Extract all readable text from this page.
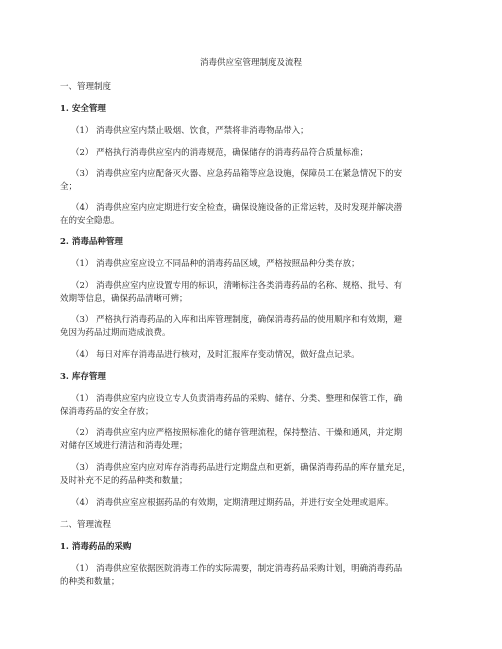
消毒供应室管理制度及流程
一、管理制度
1. 安全管理
（1） 消毒供应室内禁止吸烟、饮食，严禁将非消毒物品带入；
（2） 严格执行消毒供应室内的消毒规范，确保储存的消毒药品符合质量标准；
（3） 消毒供应室内应配备灭火器、应急药品箱等应急设施，保障员工在紧急情况下的安
全；
（4） 消毒供应室内应定期进行安全检查，确保设施设备的正常运转，及时发现并解决潜
在的安全隐患。
2. 消毒品种管理
（1） 消毒供应室应设立不同品种的消毒药品区域，严格按照品种分类存放；
（2） 消毒供应室内应设置专用的标识，清晰标注各类消毒药品的名称、规格、批号、有
效期等信息，确保药品清晰可辨；
（3） 严格执行消毒药品的入库和出库管理制度，确保消毒药品的使用顺序和有效期，避
免因为药品过期而造成浪费。
（4） 每日对库存消毒品进行核对，及时汇报库存变动情况，做好盘点记录。
3. 库存管理
（1） 消毒供应室内应设立专人负责消毒药品的采购、储存、分类、整理和保管工作，确
保消毒药品的安全存放；
（2） 消毒供应室内应严格按照标准化的储存管理流程，保持整洁、干燥和通风，并定期
对储存区域进行清洁和消毒处理；
（3） 消毒供应室内应对库存消毒药品进行定期盘点和更新，确保消毒药品的库存量充足，
及时补充不足的药品种类和数量；
（4） 消毒供应室应根据药品的有效期，定期清理过期药品，并进行安全处理或退库。
二、管理流程
1. 消毒药品的采购
（1） 消毒供应室依据医院消毒工作的实际需要，制定消毒药品采购计划，明确消毒药品
的种类和数量；
